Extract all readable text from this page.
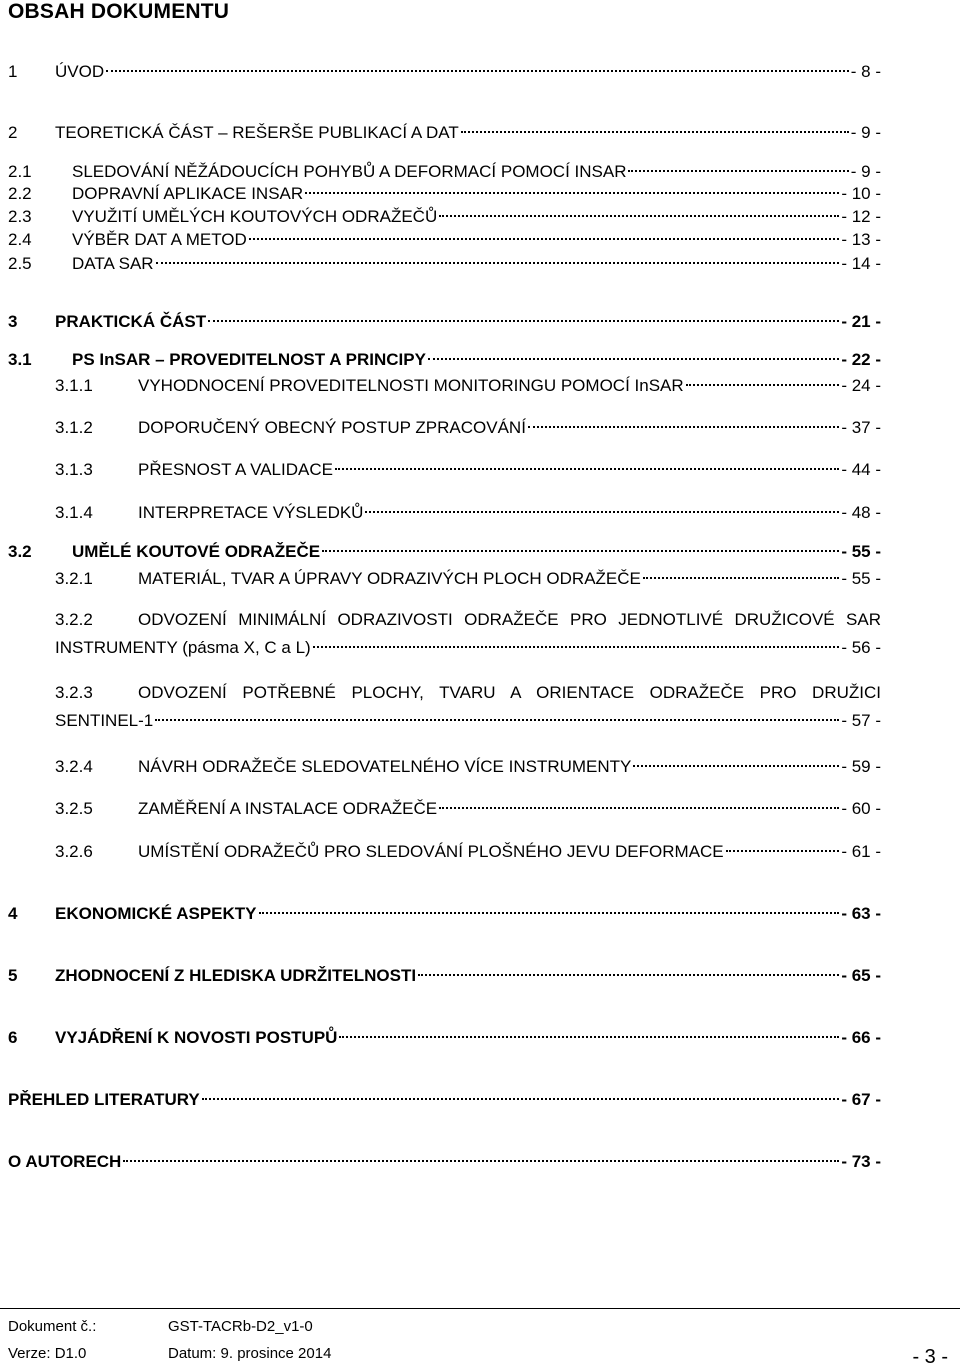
OBSAH DOKUMENTU
1 ÚVOD	- 8 -
2 TEORETICKÁ ČÁST – REŠERŠE PUBLIKACÍ A DAT	- 9 -
2.1 SLEDOVÁNÍ NĚŽÁDOUCÍCH POHYBŮ A DEFORMACÍ POMOCÍ INSAR	- 9 -
2.2 DOPRAVNÍ APLIKACE INSAR	- 10 -
2.3 VYUŽITÍ UMĚLÝCH KOUTOVÝCH ODRAŽEČŮ	- 12 -
2.4 VÝBĚR DAT A METOD	- 13 -
2.5 DATA SAR	- 14 -
3 PRAKTICKÁ ČÁST	- 21 -
3.1 PS InSAR – PROVEDITELNOST A PRINCIPY	- 22 -
3.1.1	VYHODNOCENÍ PROVEDITELNOSTI MONITORINGU POMOCÍ InSAR	- 24 -
3.1.2	DOPORUČENÝ OBECNÝ POSTUP ZPRACOVÁNÍ	- 37 -
3.1.3	PŘESNOST A VALIDACE	- 44 -
3.1.4	INTERPRETACE VÝSLEDKŮ	- 48 -
3.2 UMĚLÉ KOUTOVÉ ODRAŽEČE	- 55 -
3.2.1	MATERIÁL, TVAR A ÚPRAVY ODRAZIVÝCH PLOCH ODRAŽEČE	- 55 -
3.2.2	ODVOZENÍ MINIMÁLNÍ ODRAZIVOSTI ODRAŽEČE PRO JEDNOTLIVÉ DRUŽICOVÉ SAR
INSTRUMENTY (pásma X, C a L)	- 56 -
3.2.3	ODVOZENÍ POTŘEBNÉ PLOCHY, TVARU A ORIENTACE ODRAŽEČE PRO DRUŽICI
SENTINEL-1	- 57 -
3.2.4	NÁVRH ODRAŽEČE SLEDOVATELNÉHO VÍCE INSTRUMENTY	- 59 -
3.2.5	ZAMĚŘENÍ A INSTALACE ODRAŽEČE	- 60 -
3.2.6	UMÍSTĚNÍ ODRAŽEČŮ PRO SLEDOVÁNÍ PLOŠNÉHO JEVU DEFORMACE	- 61 -
4 EKONOMICKÉ ASPEKTY	- 63 -
5 ZHODNOCENÍ Z HLEDISKA UDRŽITELNOSTI	- 65 -
6 VYJÁDŘENÍ K NOVOSTI POSTUPŮ	- 66 -
PŘEHLED LITERATURY	- 67 -
O AUTORECH	- 73 -
Dokument č.:	GST-TACRb-D2_v1-0
Verze: D1.0	Datum: 9. prosince 2014	- 3 -
